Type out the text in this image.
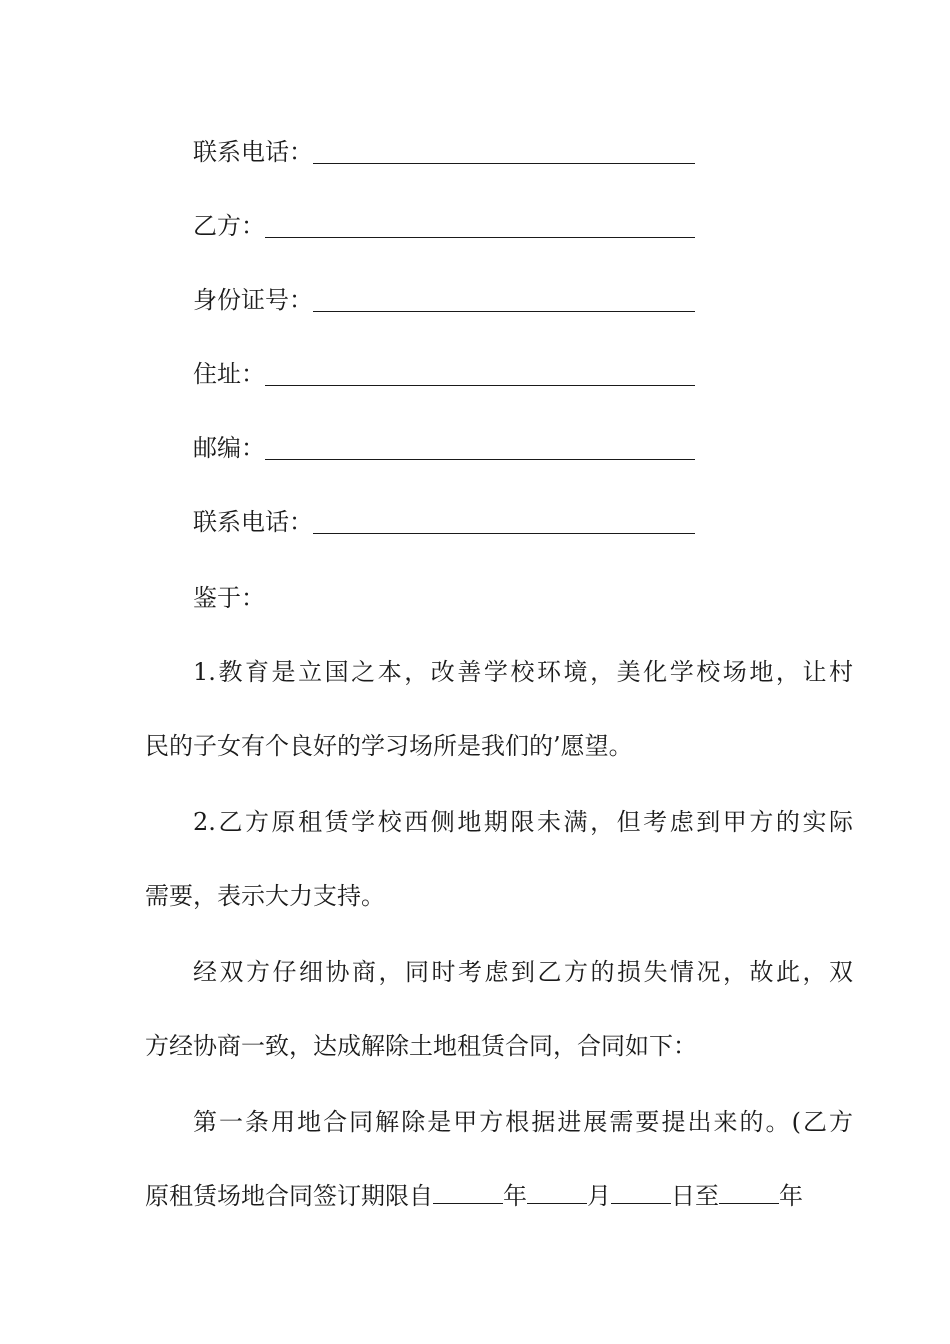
联系电话：
乙方：
身份证号：
住址：
邮编：
联系电话：
鉴于：
1.教育是立国之本，改善学校环境，美化学校场地，让村
民的子女有个良好的学习场所是我们的’愿望。
2.乙方原租赁学校西侧地期限未满，但考虑到甲方的实际
需要，表示大力支持。
经双方仔细协商，同时考虑到乙方的损失情况，故此，双
方经协商一致，达成解除土地租赁合同，合同如下：
第一条用地合同解除是甲方根据进展需要提出来的。(乙方
原租赁场地合同签订期限自	年	月	日至	年
